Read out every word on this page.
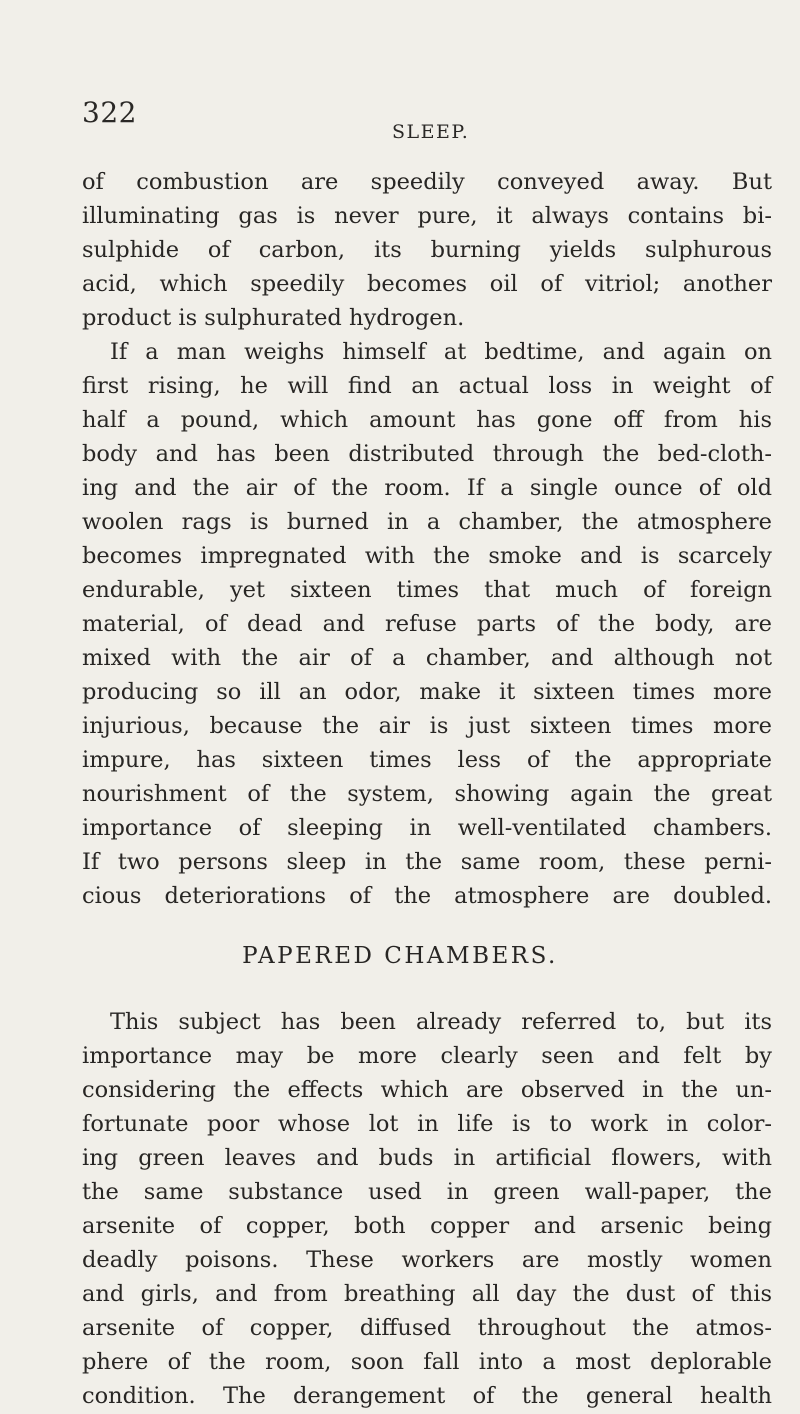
322
SLEEP.
of combustion are speedily conveyed away. But
illuminating gas is never pure, it always contains bi-
sulphide of carbon, its burning yields sulphurous
acid, which speedily becomes oil of vitriol; another
product is sulphurated hydrogen.
If a man weighs himself at bedtime, and again on
first rising, he will find an actual loss in weight of
half a pound, which amount has gone off from his
body and has been distributed through the bed-cloth-
ing and the air of the room. If a single ounce of old
woolen rags is burned in a chamber, the atmosphere
becomes impregnated with the smoke and is scarcely
endurable, yet sixteen times that much of foreign
material, of dead and refuse parts of the body, are
mixed with the air of a chamber, and although not
producing so ill an odor, make it sixteen times more
injurious, because the air is just sixteen times more
impure, has sixteen times less of the appropriate
nourishment of the system, showing again the great
importance of sleeping in well-ventilated chambers.
If two persons sleep in the same room, these perni-
cious deteriorations of the atmosphere are doubled.
PAPERED CHAMBERS.
This subject has been already referred to, but its
importance may be more clearly seen and felt by
considering the effects which are observed in the un-
fortunate poor whose lot in life is to work in color-
ing green leaves and buds in artificial flowers, with
the same substance used in green wall-paper, the
arsenite of copper, both copper and arsenic being
deadly poisons. These workers are mostly women
and girls, and from breathing all day the dust of this
arsenite of copper, diffused throughout the atmos-
phere of the room, soon fall into a most deplorable
condition. The derangement of the general health
